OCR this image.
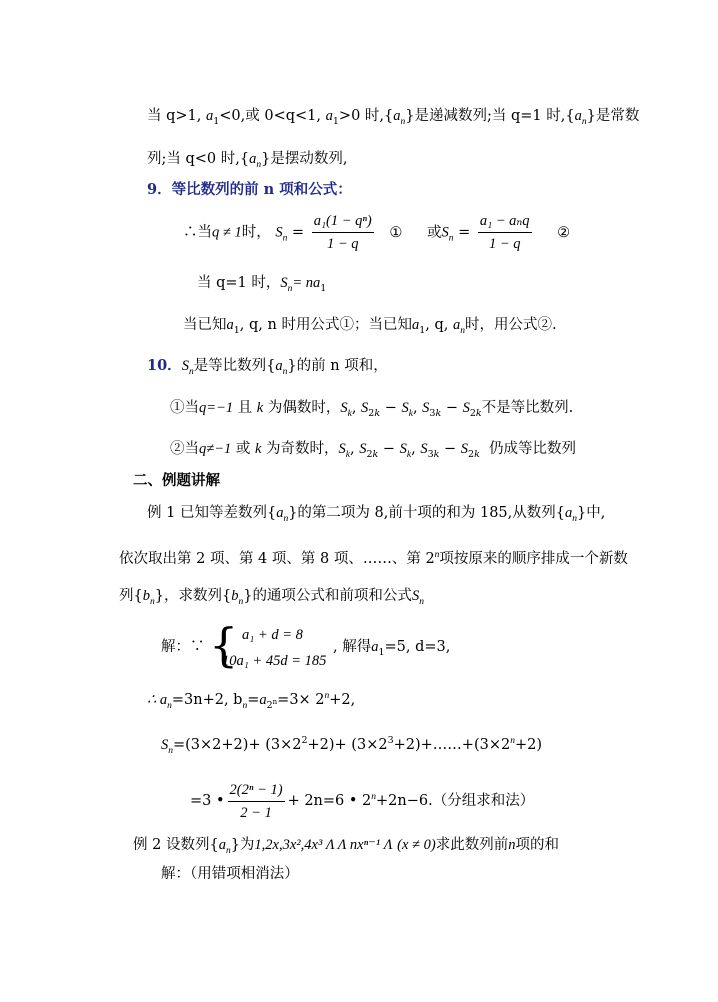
当 q>1, $a_1<0$,或 0<q<1, $a_1>0$ 时$,\{a_n\}$是递减数列;当 q=1 时$,\{a_n\}$是常数
列;当 q<0 时$,\{a_n\}$是摆动数列,
9．等比数列的前 n 项和公式：
∴当q ≠ 1时， $S_n = \frac{\text{a₁(1 − qⁿ)}}{1 - q}$ ① 或$S_n = \frac{\text{a₁ − aₙq}}{1 - q}$ ②
当 q=1 时，$S_n= na_1$
当已知$a_1$, q, n 时用公式①；当已知$a_1$, q, $a_n$时，用公式②.
10．$S_n$是等比数列$\{a_n\}$的前 n 项和，
①当q=−1 且 k 为偶数时，$S_k$, $S_{2k} - S_k$, $S_{3k} - S_{2k}$不是等比数列.
②当q≠−1 或 k 为奇数时，$S_k$, $S_{2k} - S_k$, $S_{3k} - S_{2k}$ 仍成等比数列
二、例题讲解
例 1 已知等差数列$\{a_n\}$的第二项为 8,前十项的和为 185,从数列$\{a_n\}$中,
依次取出第 2 项、第 4 项、第 8 项、……、第 2$^n$项按原来的顺序排成一个新数
列$\{b_n\}$，求数列$\{b_n\}$的通项公式和前项和公式$S_n$
解：∵ { a₁ + d = 8
10a₁ + 45d = 185
, 解得$a_1=5$, d=3,
∴ $a_n=3n+2$, $b_n=a_{2^n}=3\times 2^n+2$,
$S_n=(3\times 2+2)+ (3\times 2^2+2)+$ $(3\times 2^3+2)+\dots\dots+(3\times 2^n+2)$
=3 • $\frac{\text{2(2ⁿ − 1)}}{2 - 1} + 2n=6$ • $2^n+2n-6$.（分组求和法）
例 2 设数列$\{a_n\}$为1,2x,3x²,4x³ Λ Λ nxⁿ⁻¹ Λ (x ≠ 0)求此数列前n项的和
解：（用错项相消法）
